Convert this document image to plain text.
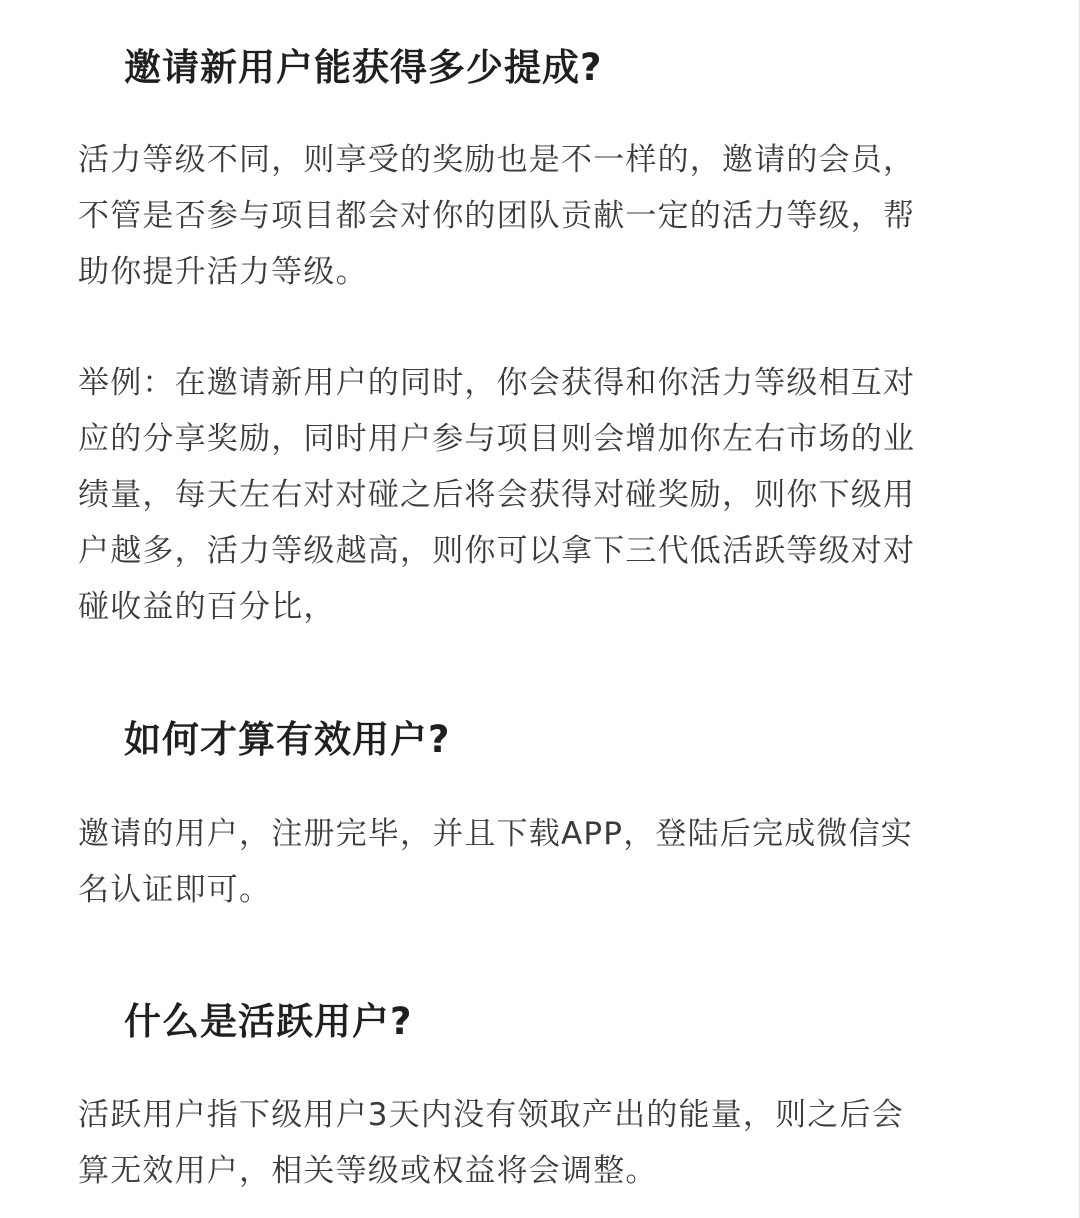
邀请新用户能获得多少提成?

活力等级不同，则享受的奖励也是不一样的，邀请的会员，
不管是否参与项目都会对你的团队贡献一定的活力等级，帮
助你提升活力等级。

举例：在邀请新用户的同时，你会获得和你活力等级相互对
应的分享奖励，同时用户参与项目则会增加你左右市场的业
绩量，每天左右对对碰之后将会获得对碰奖励，则你下级用
户越多，活力等级越高，则你可以拿下三代低活跃等级对对
碰收益的百分比，

如何才算有效用户?

邀请的用户，注册完毕，并且下载APP，登陆后完成微信实
名认证即可。

什么是活跃用户?

活跃用户指下级用户3天内没有领取产出的能量，则之后会
算无效用户，相关等级或权益将会调整。
